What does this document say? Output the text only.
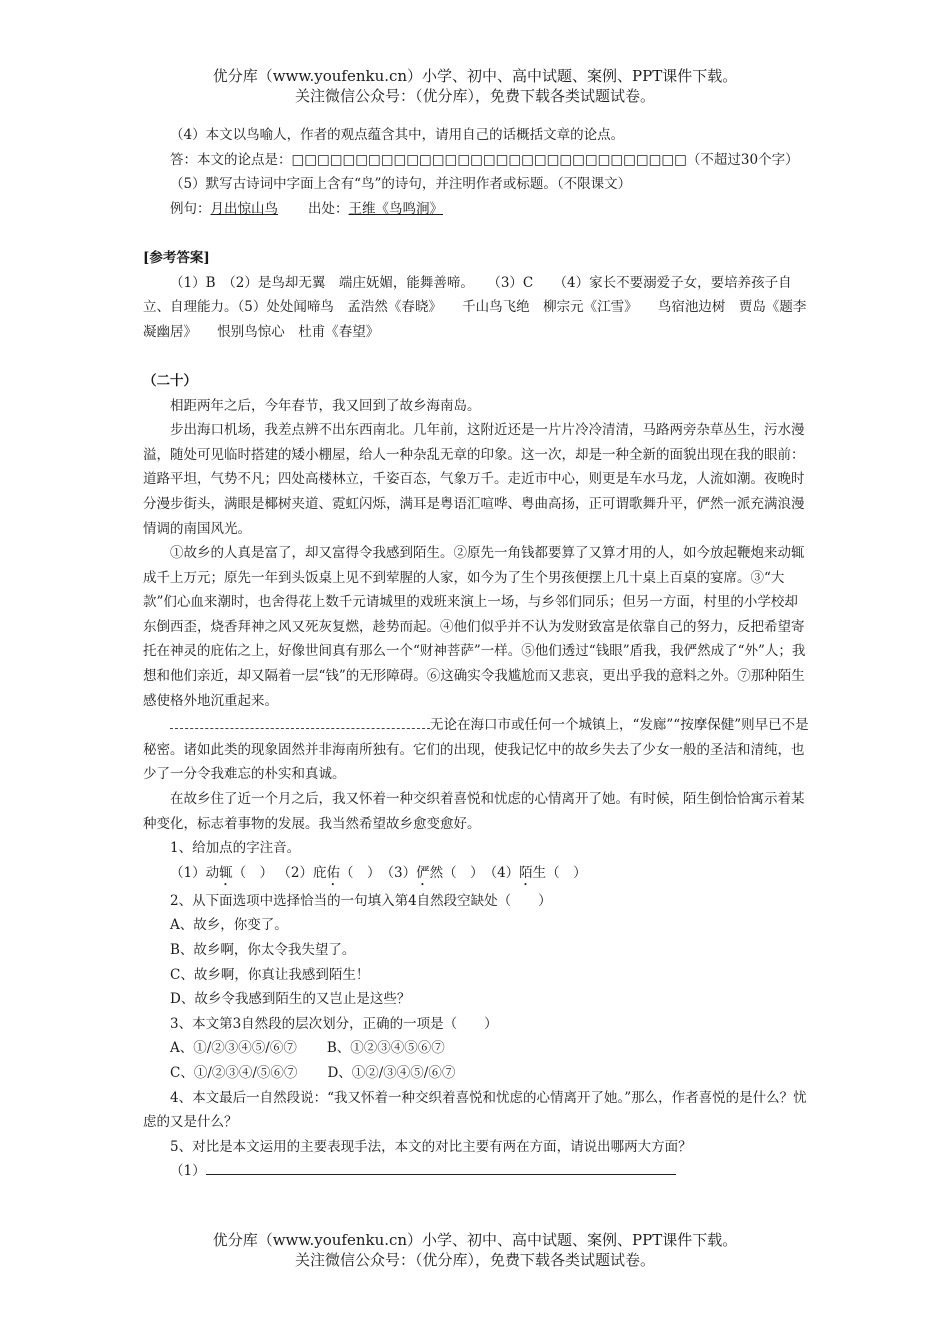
优分库（www.youfenku.cn）小学、初中、高中试题、案例、PPT课件下载。
关注微信公众号：（优分库），免费下载各类试题试卷。

（4）本文以鸟喻人，作者的观点蕴含其中，请用自己的话概括文章的论点。

答：本文的论点是：□□□□□□□□□□□□□□□□□□□□□□□□□□□□□□□（不超过30个字）

（5）默写古诗词中字面上含有“鸟”的诗句，并注明作者或标题。（不限课文）

例句：月出惊山鸟 出处：王维《鸟鸣涧》

[参考答案]

（1）B　（2）是鸟却无翼　端庄妩媚，能舞善啼。　　（3）C　　（4）家长不要溺爱子女，要培养孩子自立、自理能力。（5）处处闻啼鸟　孟浩然《春晓》　　千山鸟飞绝　柳宗元《江雪》　　鸟宿池边树　贾岛《题李凝幽居》　　恨别鸟惊心　杜甫《春望》

（二十）

相距两年之后，今年春节，我又回到了故乡海南岛。

步出海口机场，我差点辨不出东西南北。几年前，这附近还是一片片冷冷清清，马路两旁杂草丛生，污水漫溢，随处可见临时搭建的矮小棚屋，给人一种杂乱无章的印象。这一次，却是一种全新的面貌出现在我的眼前：道路平坦，气势不凡；四处高楼林立，千姿百态，气象万千。走近市中心，则更是车水马龙，人流如潮。夜晚时分漫步街头，满眼是椰树夹道、霓虹闪烁，满耳是粤语汇喧哗、粤曲高扬，正可谓歌舞升平，俨然一派充满浪漫情调的南国风光。

①故乡的人真是富了，却又富得令我感到陌生。②原先一角钱都要算了又算才用的人，如今放起鞭炮来动辄成千上万元；原先一年到头饭桌上见不到荤腥的人家，如今为了生个男孩便摆上几十桌上百桌的宴席。③“大款”们心血来潮时，也舍得花上数千元请城里的戏班来演上一场，与乡邻们同乐；但另一方面，村里的小学校却东倒西歪，烧香拜神之风又死灰复燃，趁势而起。④他们似乎并不认为发财致富是依靠自己的努力，反把希望寄托在神灵的庇佑之上，好像世间真有那么一个“财神菩萨”一样。⑤他们透过“钱眼”盾我，我俨然成了“外”人；我想和他们亲近，却又隔着一层“钱”的无形障碍。⑥这确实令我尴尬而又悲哀，更出乎我的意料之外。⑦那种陌生感使格外地沉重起来。

无论在海口市或任何一个城镇上，“发廊”“按摩保健”则早已不是秘密。诸如此类的现象固然并非海南所独有。它们的出现，使我记忆中的故乡失去了少女一般的圣洁和清纯，也少了一分令我难忘的朴实和真诚。

在故乡住了近一个月之后，我又怀着一种交织着喜悦和忧虑的心情离开了她。有时候，陌生倒恰恰寓示着某种变化，标志着事物的发展。我当然希望故乡愈变愈好。

1、给加点的字注音。

（1）动辄（　） （2）庇佑（　）　 （3）俨然（　）　 （4）陌生（　）

2、从下面选项中选择恰当的一句填入第4自然段空缺处（　　）

A、故乡，你变了。

B、故乡啊，你太令我失望了。

C、故乡啊，你真让我感到陌生！

D、故乡令我感到陌生的又岂止是这些？

3、本文第3自然段的层次划分，正确的一项是（　　）

A、①/②③④⑤/⑥⑦ B、①②③④⑤⑥⑦

C、①/②③④/⑤⑥⑦ D、①②/③④⑤/⑥⑦

4、本文最后一自然段说：“我又怀着一种交织着喜悦和忧虑的心情离开了她。”那么，作者喜悦的是什么？忧虑的又是什么？

5、对比是本文运用的主要表现手法，本文的对比主要有两在方面，请说出哪两大方面？

（1）

优分库（www.youfenku.cn）小学、初中、高中试题、案例、PPT课件下载。
关注微信公众号：（优分库），免费下载各类试题试卷。
